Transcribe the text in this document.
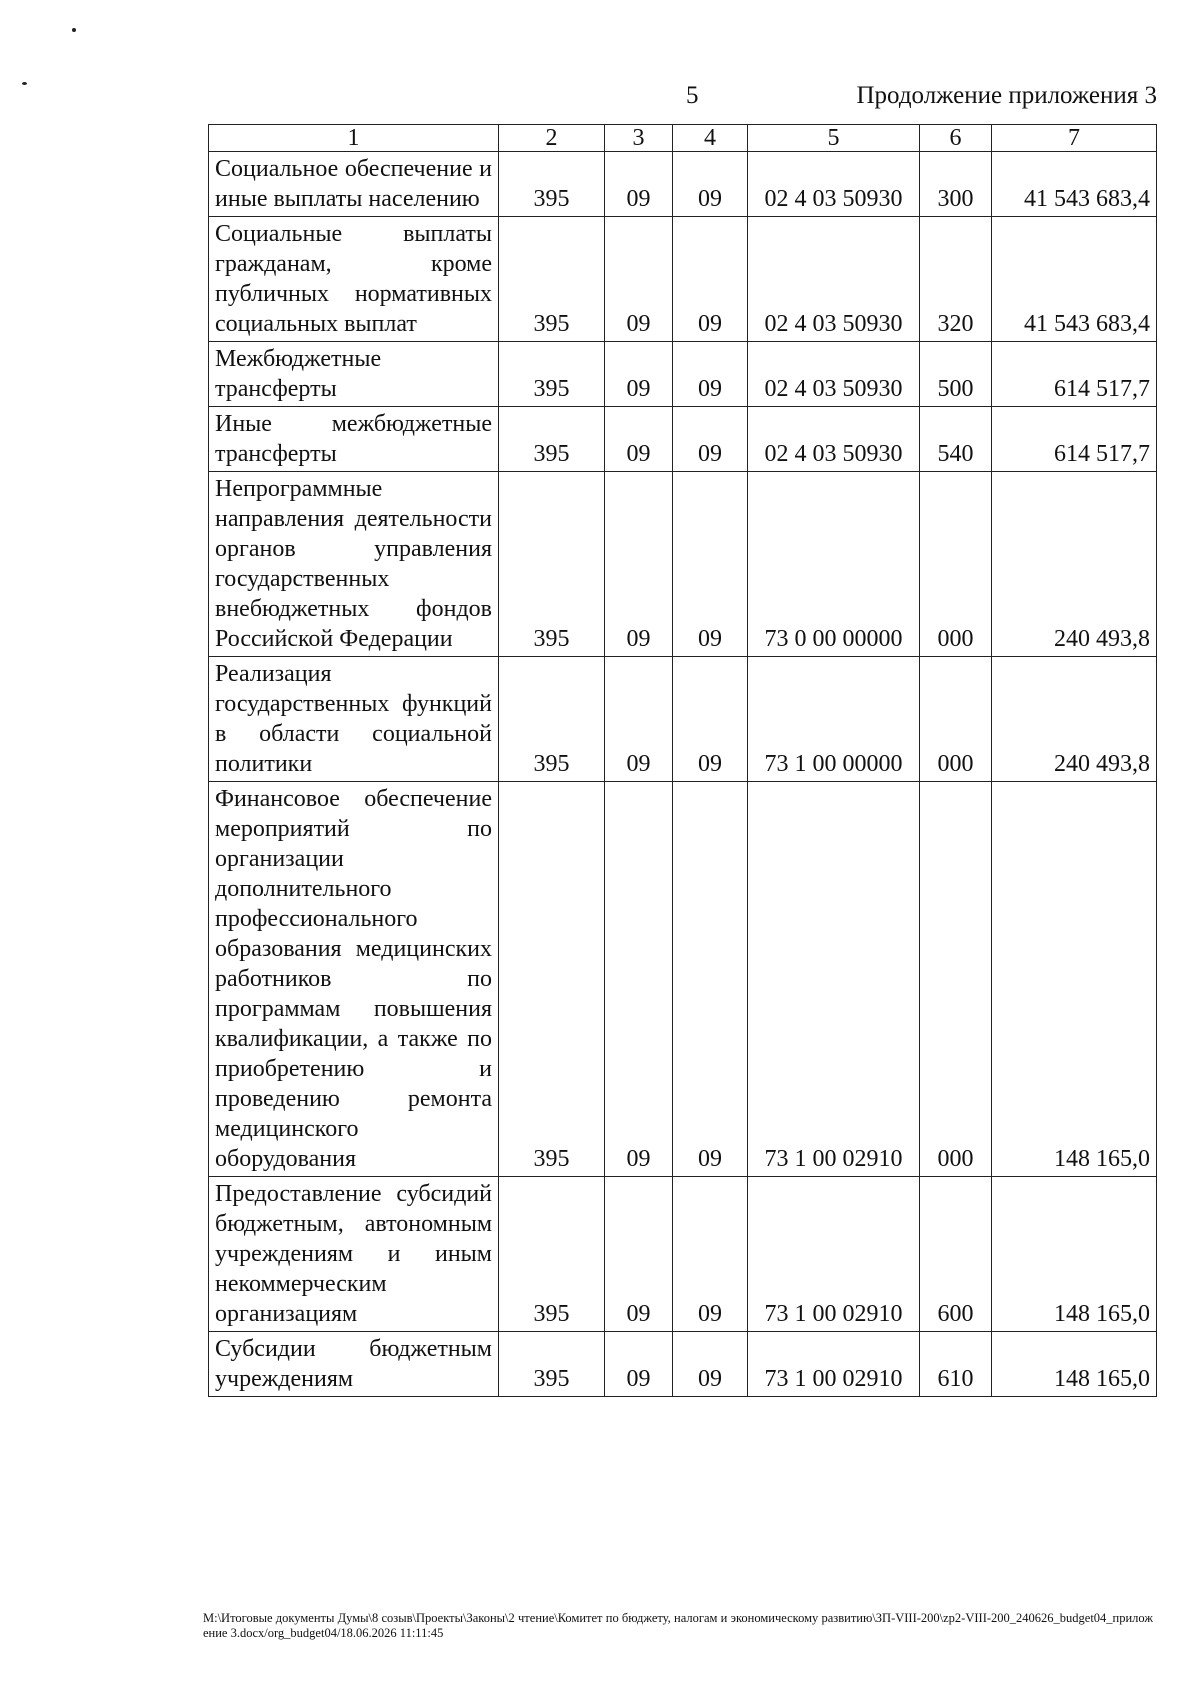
5	Продолжение приложения 3
1	2	3	4	5	6	7
Социальное обеспечение и иные выплаты населению	395	09	09	02 4 03 50930	300	41 543 683,4
Социальные выплаты гражданам, кроме публичных нормативных социальных выплат	395	09	09	02 4 03 50930	320	41 543 683,4
Межбюджетные трансферты	395	09	09	02 4 03 50930	500	614 517,7
Иные межбюджетные трансферты	395	09	09	02 4 03 50930	540	614 517,7
Непрограммные направления деятельности органов управления государственных внебюджетных фондов Российской Федерации	395	09	09	73 0 00 00000	000	240 493,8
Реализация государственных функций в области социальной политики	395	09	09	73 1 00 00000	000	240 493,8
Финансовое обеспечение мероприятий по организации дополнительного профессионального образования медицинских работников по программам повышения квалификации, а также по приобретению и проведению ремонта медицинского оборудования	395	09	09	73 1 00 02910	000	148 165,0
Предоставление субсидий бюджетным, автономным учреждениям и иным некоммерческим организациям	395	09	09	73 1 00 02910	600	148 165,0
Субсидии бюджетным учреждениям	395	09	09	73 1 00 02910	610	148 165,0
M:\Итоговые документы Думы\8 созыв\Проекты\Законы\2 чтение\Комитет по бюджету, налогам и экономическому развитию\ЗП-VIII-200\zp2-VIII-200_240626_budget04_приложение 3.docx/org_budget04/18.06.2026 11:11:45
